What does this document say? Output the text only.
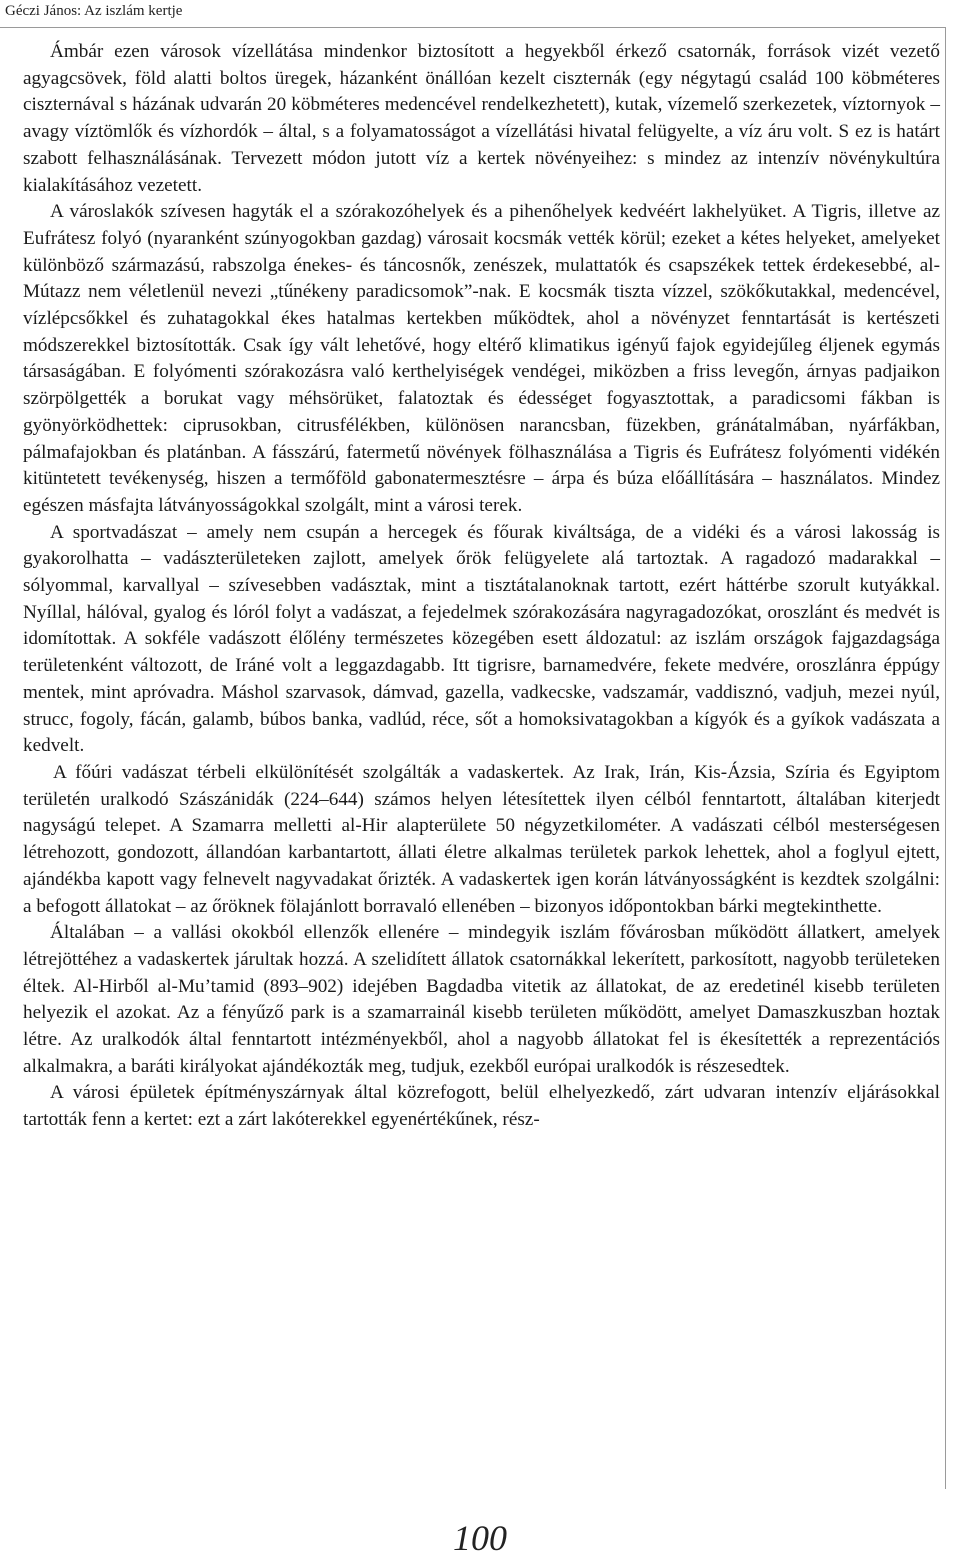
Géczi János: Az iszlám kertje

Ámbár ezen városok vízellátása mindenkor biztosított a hegyekből érkező csatornák, források vizét vezető agyagcsövek, föld alatti boltos üregek, házanként önállóan kezelt ciszternák (egy négytagú család 100 köbméteres ciszternával s házának udvarán 20 köbméteres medencével rendelkezhetett), kutak, vízemelő szerkezetek, víztornyok – avagy víztömlők és vízhordók – által, s a folyamatosságot a vízellátási hivatal felügyelte, a víz áru volt. S ez is határt szabott felhasználásának. Tervezett módon jutott víz a kertek növényeihez: s mindez az intenzív növénykultúra kialakításához vezetett.

A városlakók szívesen hagyták el a szórakozóhelyek és a pihenőhelyek kedvéért lakhelyüket. A Tigris, illetve az Eufrátesz folyó (nyaranként szúnyogokban gazdag) városait kocsmák vették körül; ezeket a kétes helyeket, amelyeket különböző származású, rabszolga énekes- és táncosnők, zenészek, mulattatók és csapszékek tettek érdekesebbé, al-Mútazz nem véletlenül nevezi „tűnékeny paradicsomok”-nak. E kocsmák tiszta vízzel, szökőkutakkal, medencével, vízlépcsőkkel és zuhatagokkal ékes hatalmas kertekben működtek, ahol a növényzet fenntartását is kertészeti módszerekkel biztosították. Csak így vált lehetővé, hogy eltérő klimatikus igényű fajok egyidejűleg éljenek egymás társaságában. E folyómenti szórakozásra való kerthelyiségek vendégei, miközben a friss levegőn, árnyas padjaikon szörpölgették a borukat vagy méhsörüket, falatoztak és édességet fogyasztottak, a paradicsomi fákban is gyönyörködhettek: ciprusokban, citrusfélékben, különösen narancsban, füzekben, gránátalmában, nyárfákban, pálmafajokban és platánban. A fásszárú, fatermetű növények fölhasználása a Tigris és Eufrátesz folyómenti vidékén kitüntetett tevékenység, hiszen a termőföld gabonatermesztésre – árpa és búza előállítására – használatos. Mindez egészen másfajta látványosságokkal szolgált, mint a városi terek.

A sportvadászat – amely nem csupán a hercegek és főurak kiváltsága, de a vidéki és a városi lakosság is gyakorolhatta – vadászterületeken zajlott, amelyek őrök felügyelete alá tartoztak. A ragadozó madarakkal – sólyommal, karvallyal – szívesebben vadásztak, mint a tisztátalanoknak tartott, ezért háttérbe szorult kutyákkal. Nyíllal, hálóval, gyalog és lóról folyt a vadászat, a fejedelmek szórakozására nagyragadozókat, oroszlánt és medvét is idomítottak. A sokféle vadászott élőlény természetes közegében esett áldozatul: az iszlám országok fajgazdagsága területenként változott, de Iráné volt a leggazdagabb. Itt tigrisre, barnamedvére, fekete medvére, oroszlánra éppúgy mentek, mint apróvadra. Máshol szarvasok, dámvad, gazella, vadkecske, vadszamár, vaddisznó, vadjuh, mezei nyúl, strucc, fogoly, fácán, galamb, búbos banka, vadlúd, réce, sőt a homoksivatagokban a kígyók és a gyíkok vadászata a kedvelt.

A főúri vadászat térbeli elkülönítését szolgálták a vadaskertek. Az Irak, Irán, Kis-Ázsia, Szíria és Egyiptom területén uralkodó Szászánidák (224–644) számos helyen létesítettek ilyen célból fenntartott, általában kiterjedt nagyságú telepet. A Szamarra melletti al-Hir alapterülete 50 négyzetkilométer. A vadászati célból mesterségesen létrehozott, gondozott, állandóan karbantartott, állati életre alkalmas területek parkok lehettek, ahol a foglyul ejtett, ajándékba kapott vagy felnevelt nagyvadakat őrizték. A vadaskertek igen korán látványosságként is kezdtek szolgálni: a befogott állatokat – az őröknek fölajánlott borravaló ellenében – bizonyos időpontokban bárki megtekinthette.

Általában – a vallási okokból ellenzők ellenére – mindegyik iszlám fővárosban működött állatkert, amelyek létrejöttéhez a vadaskertek járultak hozzá. A szelidített állatok csatornákkal lekerített, parkosított, nagyobb területeken éltek. Al-Hirből al-Mu’tamid (893–902) idejében Bagdadba vitetik az állatokat, de az eredetinél kisebb területen helyezik el azokat. Az a fényűző park is a szamarrainál kisebb területen működött, amelyet Damaszkuszban hoztak létre. Az uralkodók által fenntartott intézményekből, ahol a nagyobb állatokat fel is ékesítették a reprezentációs alkalmakra, a baráti királyokat ajándékozták meg, tudjuk, ezekből európai uralkodók is részesedtek.

A városi épületek építményszárnyak által közrefogott, belül elhelyezkedő, zárt udvaran intenzív eljárásokkal tartották fenn a kertet: ezt a zárt lakóterekkel egyenértékűnek, rész-

100
